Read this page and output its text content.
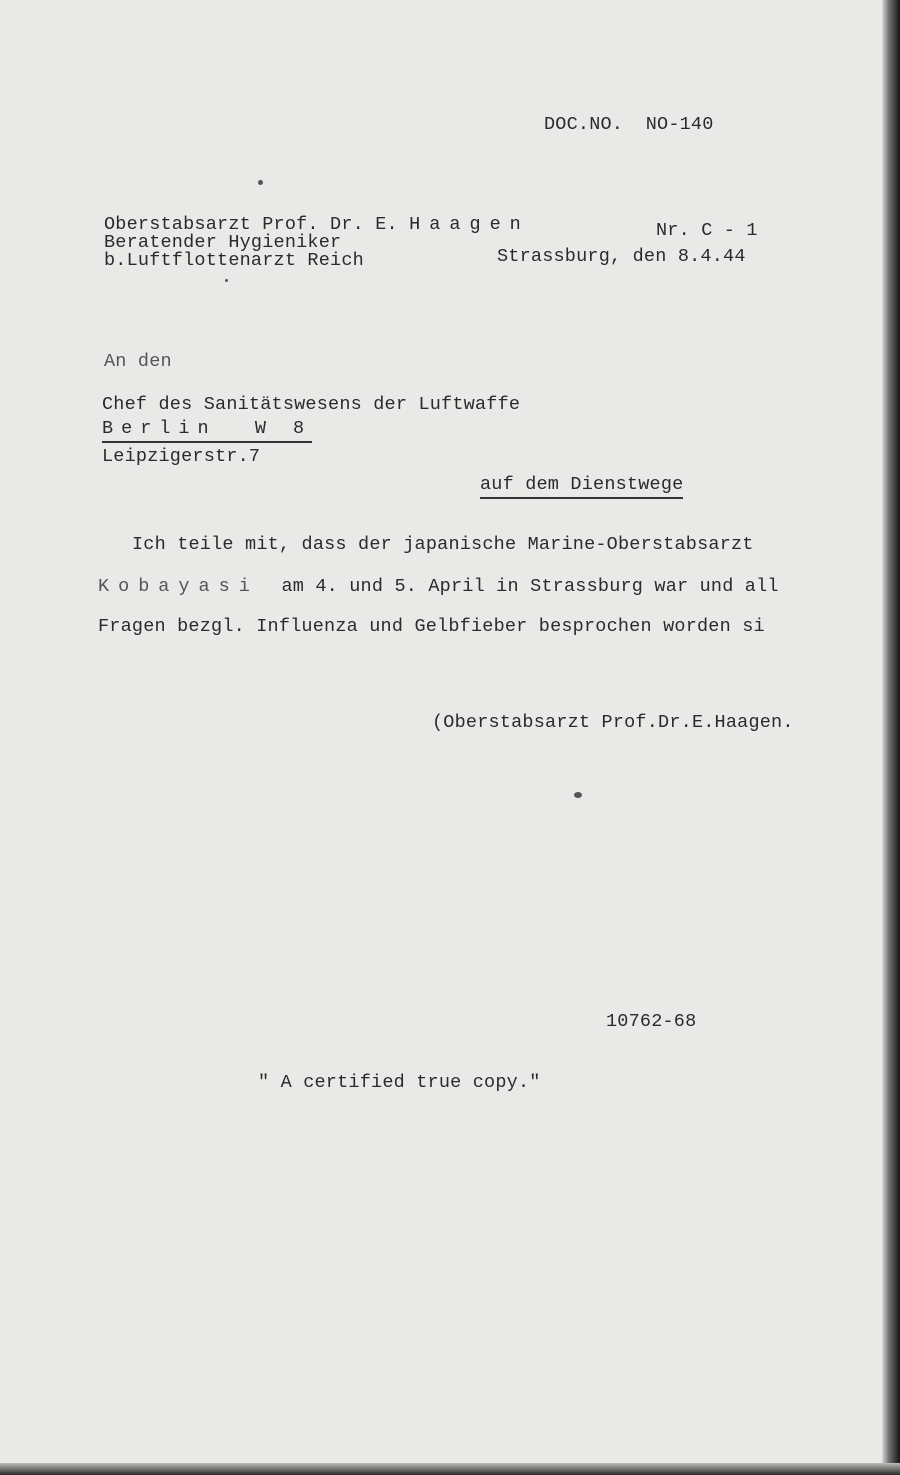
DOC.NO.  NO-140
Oberstabsarzt Prof. Dr. E. Haagen
Beratender Hygieniker
b.Luftflottenarzt Reich
Nr. C - 1
Strassburg, den 8.4.44
An den
Chef des Sanitätswesens der Luftwaffe
Berlin  W 8
Leipzigerstr.7
auf dem Dienstwege
Ich teile mit, dass der japanische Marine-Oberstabsarzt
Kobayasi am 4. und 5. April in Strassburg war und all
Fragen bezgl. Influenza und Gelbfieber besprochen worden si
(Oberstabsarzt Prof.Dr.E.Haagen.
10762-68
" A certified true copy."
